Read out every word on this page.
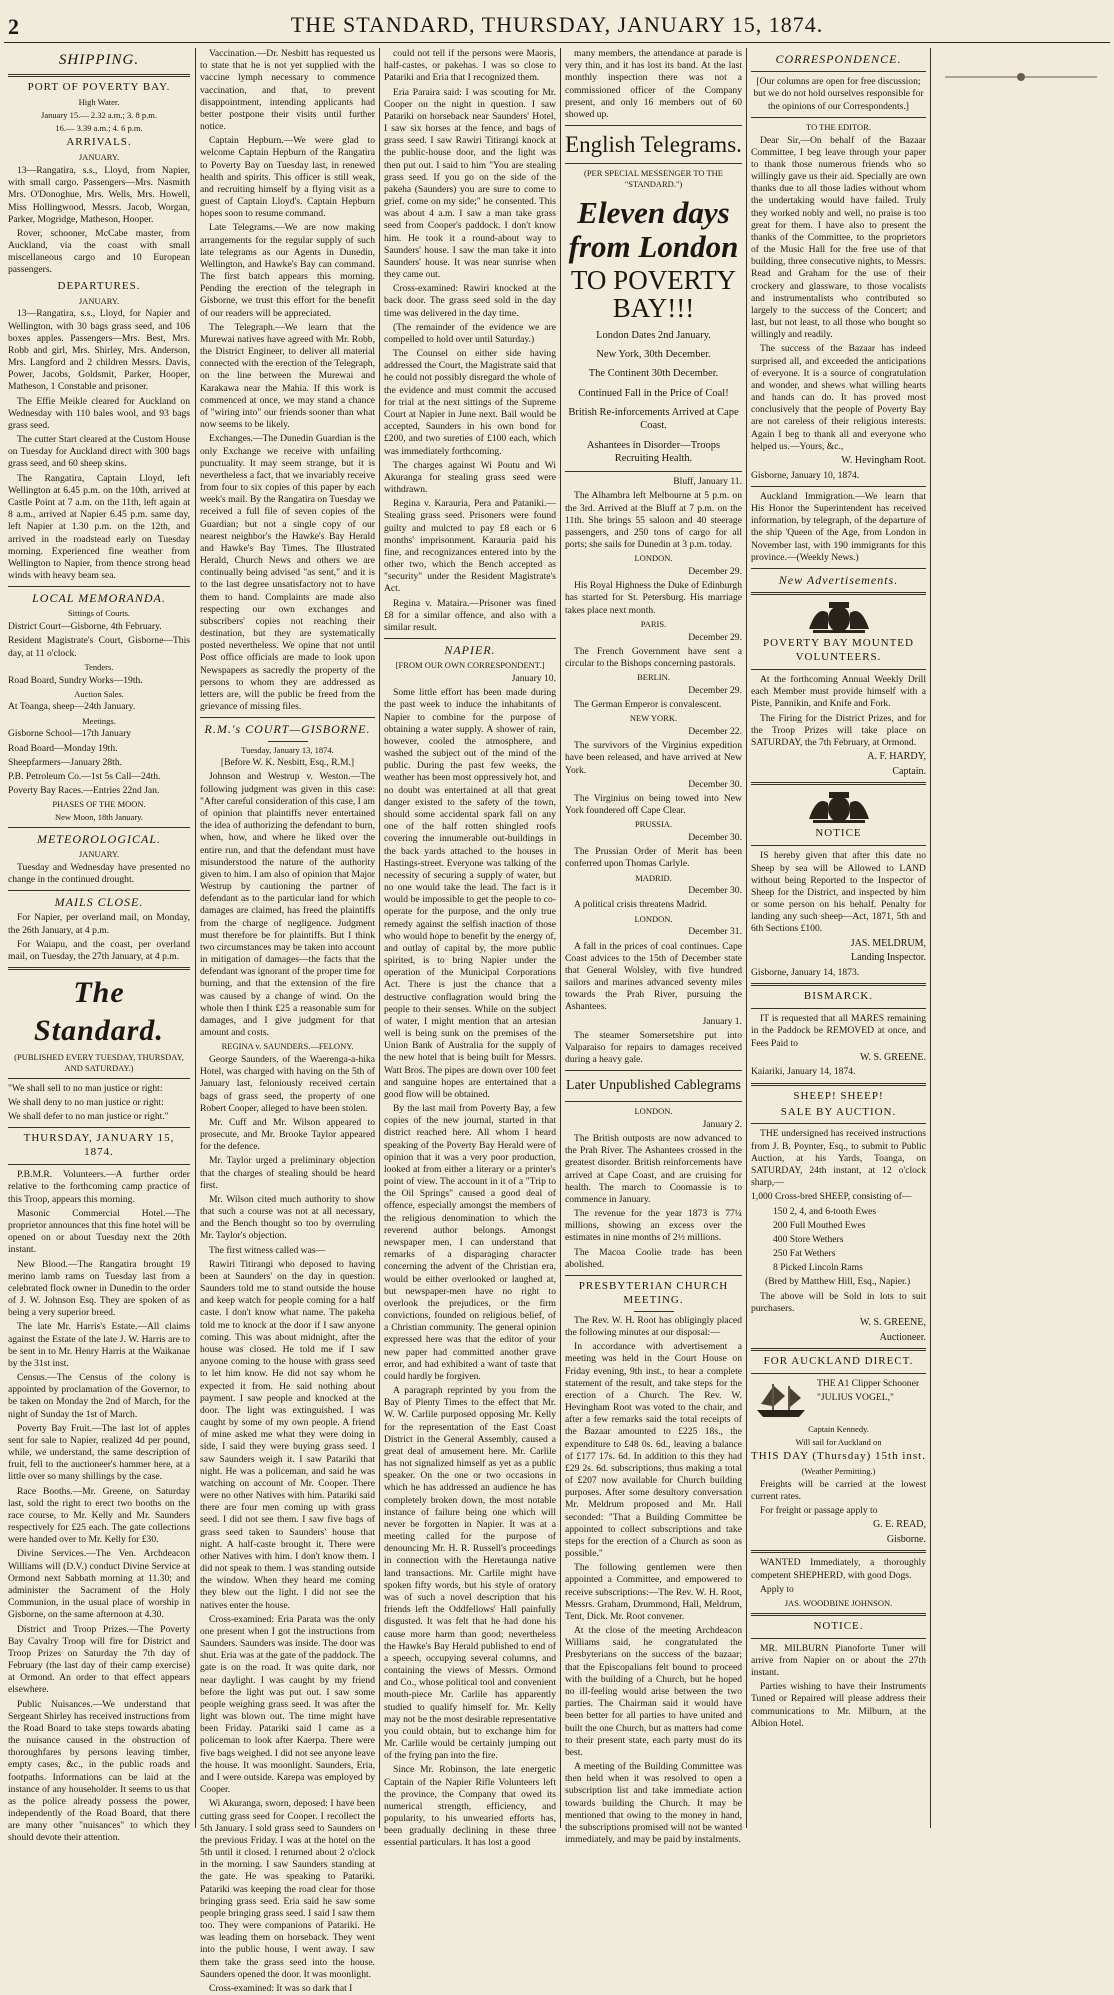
2	THE STANDARD, THURSDAY, JANUARY 15, 1874.
SHIPPING.
PORT OF POVERTY BAY.
High Water.
January 15.— 2.32 a.m.; 3. 8 p.m.
16.— 3.39 a.m.; 4. 6 p.m.
ARRIVALS.
JANUARY.

13—Rangatira, s.s., Lloyd, from Napier, with small cargo. Passengers—Mrs. Nasmith Mrs. O'Donoghue, Mrs. Wells, Mrs. Howell, Miss Hollingwood, Messrs. Jacob, Worgan, Parker, Mogridge, Matheson, Hooper.

Rover, schooner, McCabe master, from Auckland, via the coast with small miscellaneous cargo and 10 European passengers.

DEPARTURES.
JANUARY.

13—Rangatira, s.s., Lloyd, for Napier and Wellington, with 30 bags grass seed, and 106 boxes apples. Passengers—Mrs. Best, Mrs. Robb and girl, Mrs. Shirley, Mrs. Anderson, Mrs. Langford and 2 children Messrs. Davis, Power, Jacobs, Goldsmit, Parker, Hooper, Matheson, 1 Constable and prisoner.

The Effie Meikle cleared for Auckland on Wednesday with 110 bales wool, and 93 bags grass seed.

The cutter Start cleared at the Custom House on Tuesday for Auckland direct with 300 bags grass seed, and 60 sheep skins.

The Rangatira, Captain Lloyd, left Wellington at 6.45 p.m. on the 10th, arrived at Castle Point at 7 a.m. on the 11th, left again at 8 a.m., arrived at Napier 6.45 p.m. same day, left Napier at 1.30 p.m. on the 12th, and arrived in the roadstead early on Tuesday morning. Experienced fine weather from Wellington to Napier, from thence strong head winds with heavy beam sea.

LOCAL MEMORANDA.
Sittings of Courts.

District Court—Gisborne, 4th February.

Resident Magistrate's Court, Gisborne—This day, at 11 o'clock.

Tenders.

Road Board, Sundry Works—19th.

Auction Sales.

At Toanga, sheep—24th January.

Meetings.

Gisborne School—17th January

Road Board—Monday 19th.

Sheepfarmers—January 28th.

P.B. Petroleum Co.—1st 5s Call—24th.

Poverty Bay Races.—Entries 22nd Jan.

PHASES OF THE MOON.
New Moon, 18th January.
METEOROLOGICAL.
JANUARY.

Tuesday and Wednesday have presented no change in the continued drought.

MAILS CLOSE.

For Napier, per overland mail, on Monday, the 26th January, at 4 p.m.

For Waiapu, and the coast, per overland mail, on Tuesday, the 27th January, at 4 p.m.

The Standard.
(PUBLISHED EVERY TUESDAY, THURSDAY, AND SATURDAY.)

"We shall sell to no man justice or right:

We shall deny to no man justice or right:

We shall defer to no man justice or right."

THURSDAY, JANUARY 15, 1874.

P.B.M.R. Volunteers.—A further order relative to the forthcoming camp practice of this Troop, appears this morning.

Masonic Commercial Hotel.—The proprietor announces that this fine hotel will be opened on or about Tuesday next the 20th instant.

New Blood.—The Rangatira brought 19 merino lamb rams on Tuesday last from a celebrated flock owner in Dunedin to the order of J. W. Johnson Esq. They are spoken of as being a very superior breed.

The late Mr. Harris's Estate.—All claims against the Estate of the late J. W. Harris are to be sent in to Mr. Henry Harris at the Waikanae by the 31st inst.

Census.—The Census of the colony is appointed by proclamation of the Governor, to be taken on Monday the 2nd of March, for the night of Sunday the 1st of March.

Poverty Bay Fruit.—The last lot of apples sent for sale to Napier, realized 4d per pound, while, we understand, the same description of fruit, fell to the auctioneer's hammer here, at a little over so many shillings by the case.

Race Booths.—Mr. Greene, on Saturday last, sold the right to erect two booths on the race course, to Mr. Kelly and Mr. Saunders respectively for £25 each. The gate collections were handed over to Mr. Kelly for £30.

Divine Services.—The Ven. Archdeacon Williams will (D.V.) conduct Divine Service at Ormond next Sabbath morning at 11.30; and administer the Sacrament of the Holy Communion, in the usual place of worship in Gisborne, on the same afternoon at 4.30.

District and Troop Prizes.—The Poverty Bay Cavalry Troop will fire for District and Troop Prizes on Saturday the 7th day of February (the last day of their camp exercise) at Ormond. An order to that effect appears elsewhere.

Public Nuisances.—We understand that Sergeant Shirley has received instructions from the Road Board to take steps towards abating the nuisance caused in the obstruction of thoroughfares by persons leaving timber, empty cases, &c., in the public roads and footpaths. Informations can be laid at the instance of any householder. It seems to us that as the police already possess the power, independently of the Road Board, that there are many other "nuisances" to which they should devote their attention.

Vaccination.—Dr. Nesbitt has requested us to state that he is not yet supplied with the vaccine lymph necessary to commence vaccination, and that, to prevent disappointment, intending applicants had better postpone their visits until further notice.

Captain Hepburn.—We were glad to welcome Captain Hepburn of the Rangatira to Poverty Bay on Tuesday last, in renewed health and spirits. This officer is still weak, and recruiting himself by a flying visit as a guest of Captain Lloyd's. Captain Hepburn hopes soon to resume command.

Late Telegrams.—We are now making arrangements for the regular supply of such late telegrams as our Agents in Dunedin, Wellington, and Hawke's Bay can command. The first batch appears this morning. Pending the erection of the telegraph in Gisborne, we trust this effort for the benefit of our readers will be appreciated.

The Telegraph.—We learn that the Murewai natives have agreed with Mr. Robb, the District Engineer, to deliver all material connected with the erection of the Telegraph, on the line between the Murewai and Karakawa near the Mahia. If this work is commenced at once, we may stand a chance of "wiring into" our friends sooner than what now seems to be likely.

Exchanges.—The Dunedin Guardian is the only Exchange we receive with unfailing punctuality. It may seem strange, but it is nevertheless a fact, that we invariably receive from four to six copies of this paper by each week's mail. By the Rangatira on Tuesday we received a full file of seven copies of the Guardian; but not a single copy of our nearest neighbor's the Hawke's Bay Herald and Hawke's Bay Times. The Illustrated Herald, Church News and others we are continually being advised "as sent," and it is to the last degree unsatisfactory not to have them to hand. Complaints are made also respecting our own exchanges and subscribers' copies not reaching their destination, but they are systematically posted nevertheless. We opine that not until Post office officials are made to look upon Newspapers as sacredly the property of the persons to whom they are addressed as letters are, will the public be freed from the grievance of missing files.

R.M.'s COURT—GISBORNE.
Tuesday, January 13, 1874.

[Before W. K. Nesbitt, Esq., R.M.]

Johnson and Westrup v. Weston.—The following judgment was given in this case: "After careful consideration of this case, I am of opinion that plaintiffs never entertained the idea of authorizing the defendant to burn, when, how, and where he liked over the entire run, and that the defendant must have misunderstood the nature of the authority given to him. I am also of opinion that Major Westrup by cautioning the partner of defendant as to the particular land for which damages are claimed, has freed the plaintiffs from the charge of negligence. Judgment must therefore be for plaintiffs. But I think two circumstances may be taken into account in mitigation of damages—the facts that the defendant was ignorant of the proper time for burning, and that the extension of the fire was caused by a change of wind. On the whole then I think £25 a reasonable sum for damages, and I give judgment for that amount and costs.

REGINA v. SAUNDERS.—FELONY.

George Saunders, of the Waerenga-a-hika Hotel, was charged with having on the 5th of January last, feloniously received certain bags of grass seed, the property of one Robert Cooper, alleged to have been stolen.

Mr. Cuff and Mr. Wilson appeared to prosecute, and Mr. Brooke Taylor appeared for the defence.

Mr. Taylor urged a preliminary objection that the charges of stealing should be heard first.

Mr. Wilson cited much authority to show that such a course was not at all necessary, and the Bench thought so too by overruling Mr. Taylor's objection.

The first witness called was—

Rawiri Titirangi who deposed to having been at Saunders' on the day in question. Saunders told me to stand outside the house and keep watch for people coming for a half caste. I don't know what name. The pakeha told me to knock at the door if I saw anyone coming. This was about midnight, after the house was closed. He told me if I saw anyone coming to the house with grass seed to let him know. He did not say whom he expected it from. He said nothing about payment. I saw people and knocked at the door. The light was extinguished. I was caught by some of my own people. A friend of mine asked me what they were doing in side, I said they were buying grass seed. I saw Saunders weigh it. I saw Patariki that night. He was a policeman, and said he was watching on account of Mr. Cooper. There were no other Natives with him. Patariki said there are four men coming up with grass seed. I did not see them. I saw five bags of grass seed taken to Saunders' house that night. A half-caste brought it. There were other Natives with him. I don't know them. I did not speak to them. I was standing outside the window. When they heard me coming they blew out the light. I did not see the natives enter the house.

Cross-examined: Eria Parata was the only one present when I got the instructions from Saunders. Saunders was inside. The door was shut. Eria was at the gate of the paddock. The gate is on the road. It was quite dark, nor near daylight. I was caught by my friend before the light was put out. I saw some people weighing grass seed. It was after the light was blown out. The time might have been Friday. Patariki said I came as a policeman to look after Kaerpa. There were five bags weighed. I did not see anyone leave the house. It was moonlight. Saunders, Eria, and I were outside. Karepa was employed by Cooper.

Wi Akuranga, sworn, deposed: I have been cutting grass seed for Cooper. I recollect the 5th January. I sold grass seed to Saunders on the previous Friday. I was at the hotel on the 5th until it closed. I returned about 2 o'clock in the morning. I saw Saunders standing at the gate. He was speaking to Patariki. Patariki was keeping the road clear for those bringing grass seed. Eria said he saw some people bringing grass seed. I said I saw them too. They were companions of Patariki. He was leading them on horseback. They went into the public house, I went away. I saw them take the grass seed into the house. Saunders opened the door. It was moonlight.

Cross-examined: It was so dark that I

could not tell if the persons were Maoris, half-castes, or pakehas. I was so close to Patariki and Eria that I recognized them.

Eria Paraira said: I was scouting for Mr. Cooper on the night in question. I saw Patariki on horseback near Saunders' Hotel, I saw six horses at the fence, and bags of grass seed. I saw Rawiri Titirangi knock at the public-house door, and the light was then put out. I said to him "You are stealing grass seed. If you go on the side of the pakeha (Saunders) you are sure to come to grief. come on my side;" he consented. This was about 4 a.m. I saw a man take grass seed from Cooper's paddock. I don't know him. He took it a round-about way to Saunders' house. I saw the man take it into Saunders' house. It was near sunrise when they came out.

Cross-examined: Rawiri knocked at the back door. The grass seed sold in the day time was delivered in the day time.

(The remainder of the evidence we are compelled to hold over until Saturday.)

The Counsel on either side having addressed the Court, the Magistrate said that he could not possibly disregard the whole of the evidence and must commit the accused for trial at the next sittings of the Supreme Court at Napier in June next. Bail would be accepted, Saunders in his own bond for £200, and two sureties of £100 each, which was immediately forthcoming.

The charges against Wi Poutu and Wi Akuranga for stealing grass seed were withdrawn.

Regina v. Karauria, Pera and Pataniki.—Stealing grass seed. Prisoners were found guilty and mulcted to pay £8 each or 6 months' imprisonment. Karauria paid his fine, and recognizances entered into by the other two, which the Bench accepted as "security" under the Resident Magistrate's Act.

Regina v. Mataira.—Prisoner was fined £8 for a similar offence, and also with a similar result.

NAPIER.
[FROM OUR OWN CORRESPONDENT.]
January 10.

Some little effort has been made during the past week to induce the inhabitants of Napier to combine for the purpose of obtaining a water supply. A shower of rain, however, cooled the atmosphere, and washed the subject out of the mind of the public. During the past few weeks, the weather has been most oppressively hot, and no doubt was entertained at all that great danger existed to the safety of the town, should some accidental spark fall on any one of the half rotten shingled roofs covering the innumerable out-buildings in the back yards attached to the houses in Hastings-street. Everyone was talking of the necessity of securing a supply of water, but no one would take the lead. The fact is it would be impossible to get the people to co-operate for the purpose, and the only true remedy against the selfish inaction of those who would hope to benefit by the energy of, and outlay of capital by, the more public spirited, is to bring Napier under the operation of the Municipal Corporations Act. There is just the chance that a destructive conflagration would bring the people to their senses. While on the subject of water, I might mention that an artesian well is being sunk on the premises of the Union Bank of Australia for the supply of the new hotel that is being built for Messrs. Watt Bros. The pipes are down over 100 feet and sanguine hopes are entertained that a good flow will be obtained.

By the last mail from Poverty Bay, a few copies of the new journal, started in that district reached here. All whom I heard speaking of the Poverty Bay Herald were of opinion that it was a very poor production, looked at from either a literary or a printer's point of view. The account in it of a "Trip to the Oil Springs" caused a good deal of offence, especially amongst the members of the religious denomination to which the reverend author belongs. Amongst newspaper men, I can understand that remarks of a disparaging character concerning the advent of the Christian era, would be either overlooked or laughed at, but newspaper-men have no right to overlook the prejudices, or the firm convictions, founded on religious belief, of a Christian community. The general opinion expressed here was that the editor of your new paper had committed another grave error, and had exhibited a want of taste that could hardly be forgiven.

A paragraph reprinted by you from the Bay of Plenty Times to the effect that Mr. W. W. Carlile purposed opposing Mr. Kelly for the representation of the East Coast District in the General Assembly, caused a great deal of amusement here. Mr. Carlile has not signalized himself as yet as a public speaker. On the one or two occasions in which he has addressed an audience he has completely broken down, the most notable instance of failure being one which will never be forgotten in Napier. It was at a meeting called for the purpose of denouncing Mr. H. R. Russell's proceedings in connection with the Heretaunga native land transactions. Mr. Carlile might have spoken fifty words, but his style of oratory was of such a novel description that his friends left the Oddfellows' Hall painfully disgusted. It was felt that he had done his cause more harm than good; nevertheless the Hawke's Bay Herald published to end of a speech, occupying several columns, and containing the views of Messrs. Ormond and Co., whose political tool and convenient mouth-piece Mr. Carlile has apparently studied to qualify himself for. Mr. Kelly may not be the most desirable representative you could obtain, but to exchange him for Mr. Carlile would be certainly jumping out of the frying pan into the fire.

Since Mr. Robinson, the late energetic Captain of the Napier Rifle Volunteers left the province, the Company that owed its numerical strength, efficiency, and popularity, to his unwearied efforts has, been gradually declining in these three essential particulars. It has lost a good

many members, the attendance at parade is very thin, and it has lost its band. At the last monthly inspection there was not a commissioned officer of the Company present, and only 16 members out of 60 showed up.

English Telegrams.
(PER SPECIAL MESSENGER TO THE "STANDARD.")
Eleven days from London
TO POVERTY BAY!!!
London Dates 2nd January.
New York, 30th December.
The Continent 30th December.
Continued Fall in the Price of Coal!
British Re-inforcements Arrived at Cape Coast.
Ashantees in Disorder—Troops Recruiting Health.
Bluff, January 11.

The Alhambra left Melbourne at 5 p.m. on the 3rd. Arrived at the Bluff at 7 p.m. on the 11th. She brings 55 saloon and 40 steerage passengers, and 250 tons of cargo for all ports; she sails for Dunedin at 3 p.m. today.

LONDON.
December 29.

His Royal Highness the Duke of Edinburgh has started for St. Petersburg. His marriage takes place next month.

PARIS.
December 29.

The French Government have sent a circular to the Bishops concerning pastorals.

BERLIN.
December 29.

The German Emperor is convalescent.

NEW YORK.
December 22.

The survivors of the Virginius expedition have been released, and have arrived at New York.

December 30.

The Virginius on being towed into New York foundered off Cape Clear.

PRUSSIA.
December 30.

The Prussian Order of Merit has been conferred upon Thomas Carlyle.

MADRID.
December 30.

A political crisis threatens Madrid.

LONDON.
December 31.

A fall in the prices of coal continues. Cape Coast advices to the 15th of December state that General Wolsley, with five hundred sailors and marines advanced seventy miles towards the Prah River, pursuing the Ashantees.

January 1.

The steamer Somersetshire put into Valparaiso for repairs to damages received during a heavy gale.

Later Unpublished Cablegrams
LONDON.
January 2.

The British outposts are now advanced to the Prah River. The Ashantees crossed in the greatest disorder. British reinforcements have arrived at Cape Coast, and are cruising for health. The march to Coomassie is to commence in January.

The revenue for the year 1873 is 77¼ millions, showing an excess over the estimates in nine months of 2½ millions.

The Macoa Coolie trade has been abolished.

PRESBYTERIAN CHURCH MEETING.

The Rev. W. H. Root has obligingly placed the following minutes at our disposal:—

In accordance with advertisement a meeting was held in the Court House on Friday evening, 9th inst., to hear a complete statement of the result, and take steps for the erection of a Church. The Rev. W. Hevingham Root was voted to the chair, and after a few remarks said the total receipts of the Bazaar amounted to £225 18s., the expenditure to £48 0s. 6d., leaving a balance of £177 17s. 6d. In addition to this they had £29 2s. 6d. subscriptions, thus making a total of £207 now available for Church building purposes. After some desultory conversation Mr. Meldrum proposed and Mr. Hall seconded: "That a Building Committee be appointed to collect subscriptions and take steps for the erection of a Church as soon as possible."

The following gentlemen were then appointed a Committee, and empowered to receive subscriptions:—The Rev. W. H. Root, Messrs. Graham, Drummond, Hall, Meldrum, Tent, Dick. Mr. Root convener.

At the close of the meeting Archdeacon Williams said, he congratulated the Presbyterians on the success of the bazaar; that the Episcopalians felt bound to proceed with the building of a Church, but he hoped no ill-feeling would arise between the two parties. The Chairman said it would have been better for all parties to have united and built the one Church, but as matters had come to their present state, each party must do its best.

A meeting of the Building Committee was then held when it was resolved to open a subscription list and take immediate action towards building the Church. It may be mentioned that owing to the money in hand, the subscriptions promised will not be wanted immediately, and may be paid by instalments.

CORRESPONDENCE.

[Our columns are open for free discussion; but we do not hold ourselves responsible for the opinions of our Correspondents.]

TO THE EDITOR.

Dear Sir,—On behalf of the Bazaar Committee, I beg leave through your paper to thank those numerous friends who so willingly gave us their aid. Specially are own thanks due to all those ladies without whom the undertaking would have failed. Truly they worked nobly and well, no praise is too great for them. I have also to present the thanks of the Committee, to the proprietors of the Music Hall for the free use of that building, three consecutive nights, to Messrs. Read and Graham for the use of their crockery and glassware, to those vocalists and instrumentalists who contributed so largely to the success of the Concert; and last, but not least, to all those who bought so willingly and readily.

The success of the Bazaar has indeed surprised all, and exceeded the anticipations of everyone. It is a source of congratulation and wonder, and shews what willing hearts and hands can do. It has proved most conclusively that the people of Poverty Bay are not careless of their religious interests. Again I beg to thank all and everyone who helped us.—Yours, &c.,

W. Hevingham Root.

Gisborne, January 10, 1874.

Auckland Immigration.—We learn that His Honor the Superintendent has received information, by telegraph, of the departure of the ship 'Queen of the Age, from London in November last, with 190 immigrants for this province.—(Weekly News.)

New Advertisements.
POVERTY BAY MOUNTED VOLUNTEERS.

At the forthcoming Annual Weekly Drill each Member must provide himself with a Piste, Pannikin, and Knife and Fork.

The Firing for the District Prizes, and for the Troop Prizes will take place on SATURDAY, the 7th February, at Ormond.

A. F. HARDY,
Captain.
NOTICE

IS hereby given that after this date no Sheep by sea will be Allowed to LAND without being Reported to the Inspector of Sheep for the District, and inspected by him or some person on his behalf. Penalty for landing any such sheep—Act, 1871, 5th and 6th Sections £100.

JAS. MELDRUM,
Landing Inspector.

Gisborne, January 14, 1873.

BISMARCK.

IT is requested that all MARES remaining in the Paddock be REMOVED at once, and Fees Paid to

W. S. GREENE.

Kaiariki, January 14, 1874.

SHEEP! SHEEP!
SALE BY AUCTION.

THE undersigned has received instructions from J. B. Poynter, Esq., to submit to Public Auction, at his Yards, Toanga, on SATURDAY, 24th instant, at 12 o'clock sharp,—

1,000 Cross-bred SHEEP, consisting of—

150 2, 4, and 6-tooth Ewes

200 Full Mouthed Ewes

400 Store Wethers

250 Fat Wethers

8 Picked Lincoln Rams

(Bred by Matthew Hill, Esq., Napier.)

The above will be Sold in lots to suit purchasers.

W. S. GREENE,
Auctioneer.
FOR AUCKLAND DIRECT.

THE A1 Clipper Schooner

"JULIUS VOGEL,"

Captain Kennedy.
Will sail for Auckland on
THIS DAY (Thursday) 15th inst.
(Weather Permitting.)

Freights will be carried at the lowest current rates.

For freight or passage apply to

G. E. READ,
Gisborne.

WANTED Immediately, a thoroughly competent SHEPHERD, with good Dogs.

Apply to

JAS. WOODBINE JOHNSON.
NOTICE.

MR. MILBURN Pianoforte Tuner will arrive from Napier on or about the 27th instant.

Parties wishing to have their Instruments Tuned or Repaired will please address their communications to Mr. Milburn, at the Albion Hotel.
